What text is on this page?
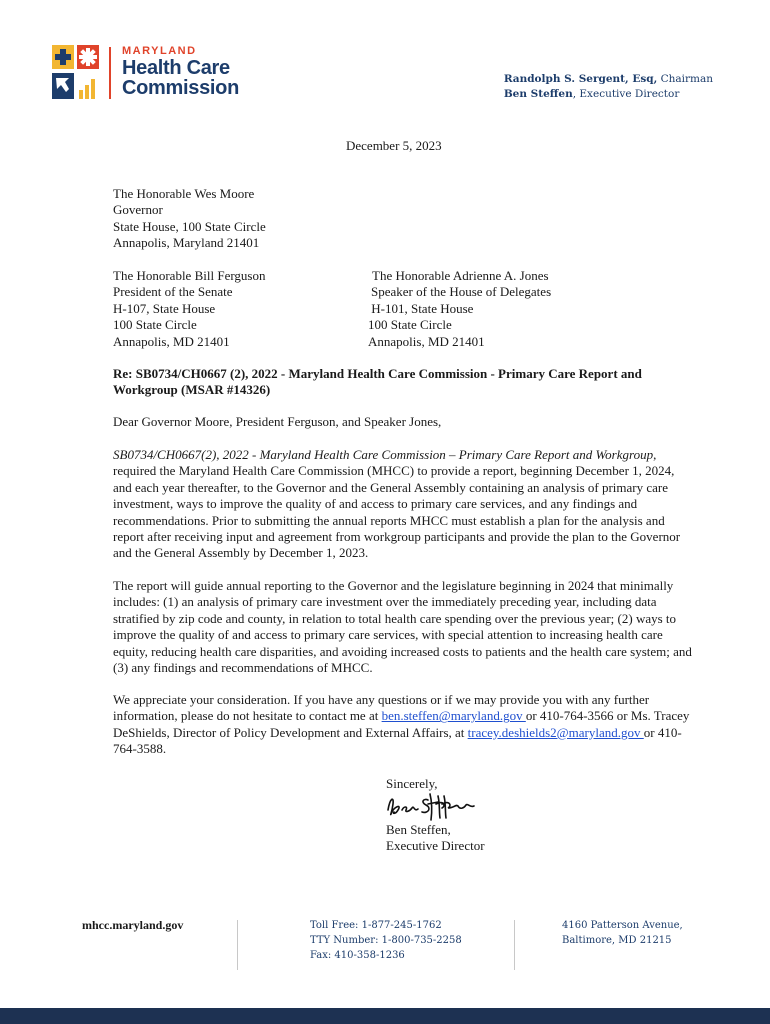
MARYLAND
Health Care
Commission	Randolph S. Sergent, Esq, Chairman
Ben Steffen, Executive Director
December 5, 2023
The Honorable Wes Moore
Governor
State House, 100 State Circle
Annapolis, Maryland 21401
The Honorable Bill Ferguson
President of the Senate
H-107, State House
100 State Circle
Annapolis, MD 21401
The Honorable Adrienne A. Jones
Speaker of the House of Delegates
H-101, State House
100 State Circle
Annapolis, MD 21401
Re: SB0734/CH0667 (2), 2022 - Maryland Health Care Commission - Primary Care Report and Workgroup (MSAR #14326)
Dear Governor Moore, President Ferguson, and Speaker Jones,
SB0734/CH0667(2), 2022 - Maryland Health Care Commission – Primary Care Report and Workgroup, required the Maryland Health Care Commission (MHCC) to provide a report, beginning December 1, 2024, and each year thereafter, to the Governor and the General Assembly containing an analysis of primary care investment, ways to improve the quality of and access to primary care services, and any findings and recommendations. Prior to submitting the annual reports MHCC must establish a plan for the analysis and report after receiving input and agreement from workgroup participants and provide the plan to the Governor and the General Assembly by December 1, 2023.
The report will guide annual reporting to the Governor and the legislature beginning in 2024 that minimally includes: (1) an analysis of primary care investment over the immediately preceding year, including data stratified by zip code and county, in relation to total health care spending over the previous year; (2) ways to improve the quality of and access to primary care services, with special attention to increasing health care equity, reducing health care disparities, and avoiding increased costs to patients and the health care system; and (3) any findings and recommendations of MHCC.
We appreciate your consideration. If you have any questions or if we may provide you with any further information, please do not hesitate to contact me at ben.steffen@maryland.gov or 410-764-3566 or Ms. Tracey DeShields, Director of Policy Development and External Affairs, at tracey.deshields2@maryland.gov or 410-764-3588.
Sincerely,
Ben Steffen,
Executive Director
mhcc.maryland.gov	Toll Free: 1-877-245-1762
TTY Number: 1-800-735-2258
Fax: 410-358-1236
4160 Patterson Avenue,
Baltimore, MD 21215
